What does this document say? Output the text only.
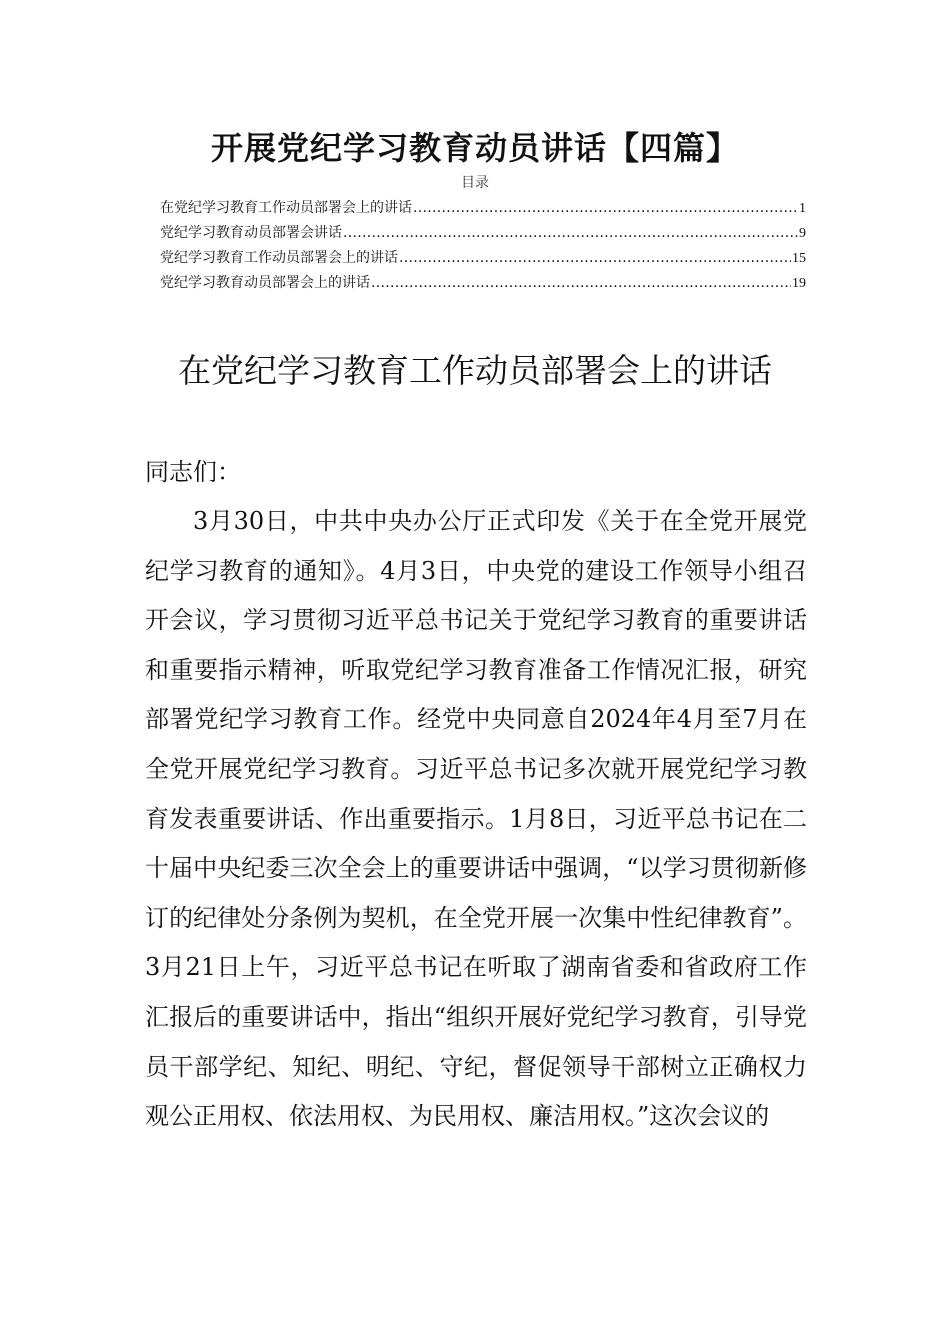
开展党纪学习教育动员讲话【四篇】
目录
在党纪学习教育工作动员部署会上的讲话 .....	1
党纪学习教育动员部署会讲话 .....	9
党纪学习教育工作动员部署会上的讲话 .....	15
党纪学习教育动员部署会上的讲话 .....	19
在党纪学习教育工作动员部署会上的讲话

同志们：

3月30日，中共中央办公厅正式印发《关于在全党开展党纪学习教育的通知》。4月3日，中央党的建设工作领导小组召开会议，学习贯彻习近平总书记关于党纪学习教育的重要讲话和重要指示精神，听取党纪学习教育准备工作情况汇报，研究部署党纪学习教育工作。经党中央同意自2024年4月至7月在全党开展党纪学习教育。习近平总书记多次就开展党纪学习教育发表重要讲话、作出重要指示。1月8日，习近平总书记在二十届中央纪委三次全会上的重要讲话中强调，“以学习贯彻新修订的纪律处分条例为契机，在全党开展一次集中性纪律教育”。3月21日上午，习近平总书记在听取了湖南省委和省政府工作汇报后的重要讲话中，指出“组织开展好党纪学习教育，引导党员干部学纪、知纪、明纪、守纪，督促领导干部树立正确权力观公正用权、依法用权、为民用权、廉洁用权。”这次会议的
